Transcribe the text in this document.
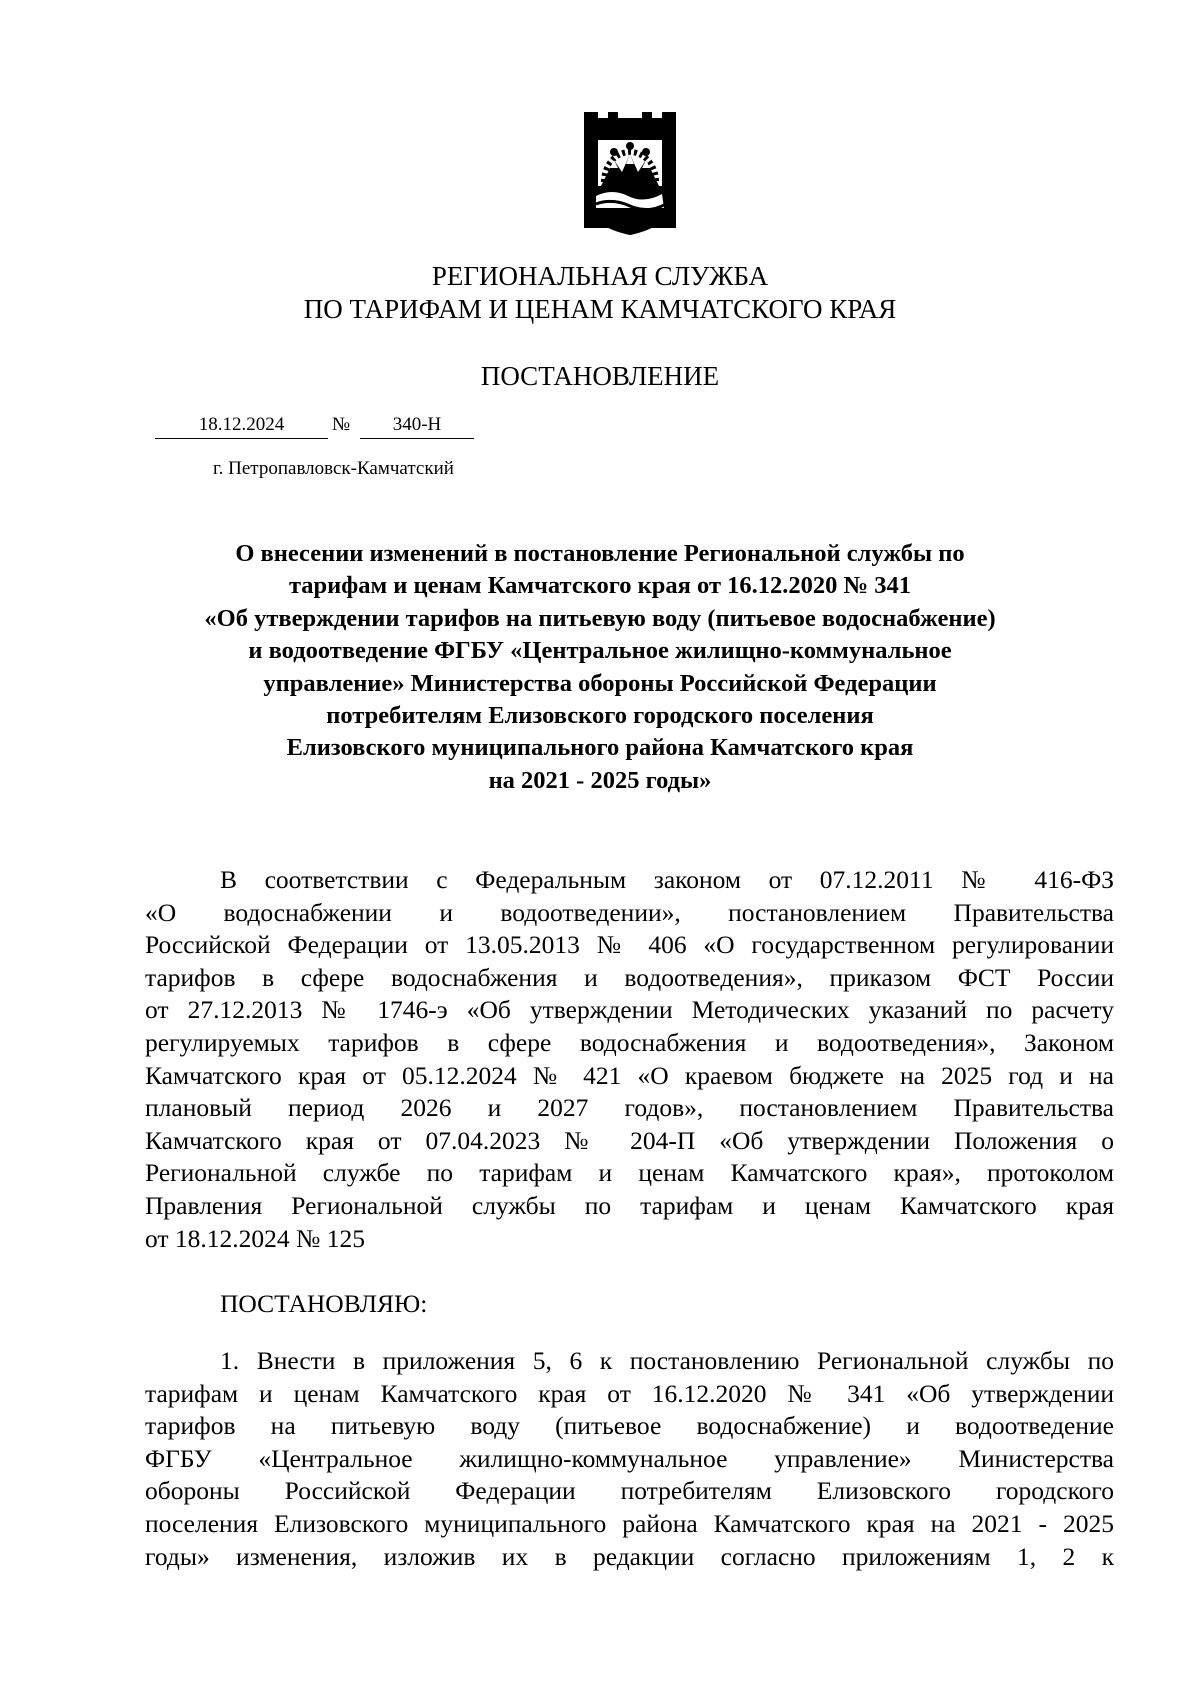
РЕГИОНАЛЬНАЯ СЛУЖБА
ПО ТАРИФАМ И ЦЕНАМ КАМЧАТСКОГО КРАЯ
ПОСТАНОВЛЕНИЕ
18.12.2024	№ 340-Н
г. Петропавловск-Камчатский
О внесении изменений в постановление Региональной службы по
тарифам и ценам Камчатского края от 16.12.2020 № 341
«Об утверждении тарифов на питьевую воду (питьевое водоснабжение)
и водоотведение ФГБУ «Центральное жилищно-коммунальное
управление» Министерства обороны Российской Федерации
потребителям Елизовского городского поселения
Елизовского муниципального района Камчатского края
на 2021 - 2025 годы»
В соответствии с Федеральным законом от 07.12.2011 № 416-ФЗ
«О водоснабжении и водоотведении», постановлением Правительства
Российской Федерации от 13.05.2013 № 406 «О государственном регулировании
тарифов в сфере водоснабжения и водоотведения», приказом ФСТ России
от 27.12.2013 № 1746-э «Об утверждении Методических указаний по расчету
регулируемых тарифов в сфере водоснабжения и водоотведения», Законом
Камчатского края от 05.12.2024 № 421 «О краевом бюджете на 2025 год и на
плановый период 2026 и 2027 годов», постановлением Правительства
Камчатского края от 07.04.2023 № 204-П «Об утверждении Положения о
Региональной службе по тарифам и ценам Камчатского края», протоколом
Правления Региональной службы по тарифам и ценам Камчатского края
от 18.12.2024 № 125
ПОСТАНОВЛЯЮ:
1. Внести в приложения 5, 6 к постановлению Региональной службы по
тарифам и ценам Камчатского края от 16.12.2020 № 341 «Об утверждении
тарифов на питьевую воду (питьевое водоснабжение) и водоотведение
ФГБУ «Центральное жилищно-коммунальное управление» Министерства
обороны Российской Федерации потребителям Елизовского городского
поселения Елизовского муниципального района Камчатского края на 2021 - 2025
годы» изменения, изложив их в редакции согласно приложениям 1, 2 к
